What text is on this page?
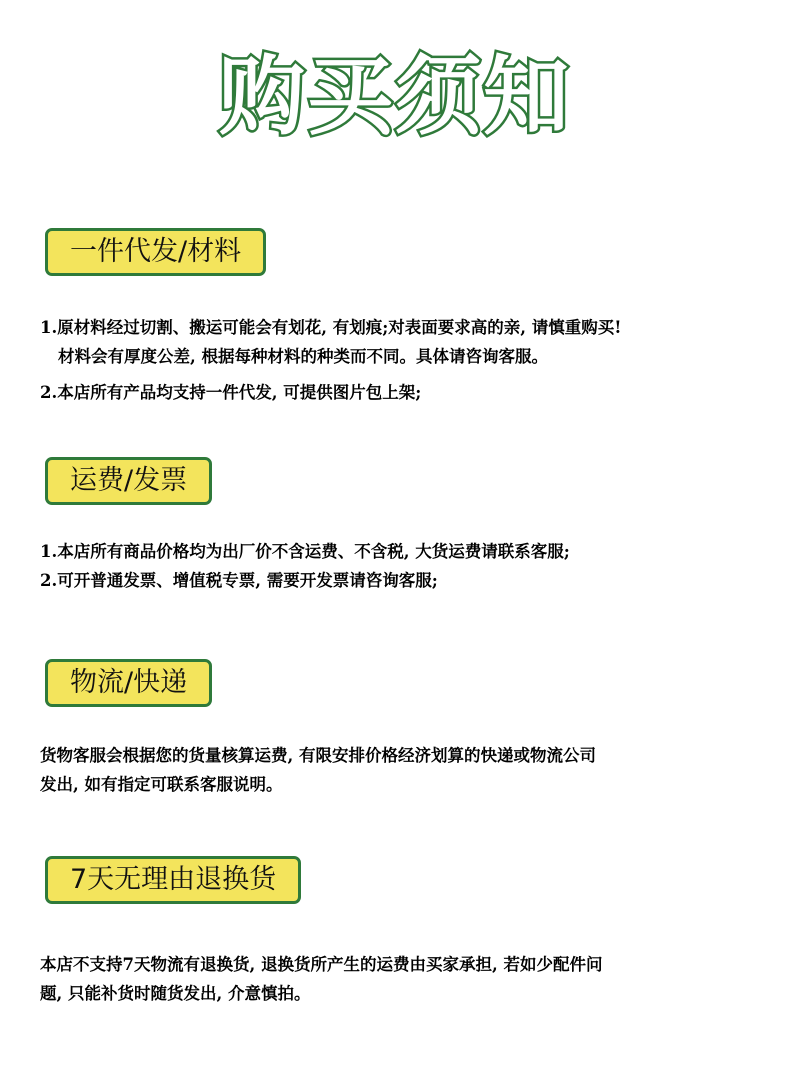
购买须知
一件代发/材料

1.原材料经过切割、搬运可能会有划花, 有划痕;对表面要求高的亲, 请慎重购买!

材料会有厚度公差, 根据每种材料的种类而不同。具体请咨询客服。

2.本店所有产品均支持一件代发, 可提供图片包上架;

运费/发票

1.本店所有商品价格均为出厂价不含运费、不含税, 大货运费请联系客服;

2.可开普通发票、增值税专票, 需要开发票请咨询客服;

物流/快递

货物客服会根据您的货量核算运费, 有限安排价格经济划算的快递或物流公司

发出, 如有指定可联系客服说明。

7天无理由退换货

本店不支持7天物流有退换货, 退换货所产生的运费由买家承担, 若如少配件问

题, 只能补货时随货发出, 介意慎拍。
